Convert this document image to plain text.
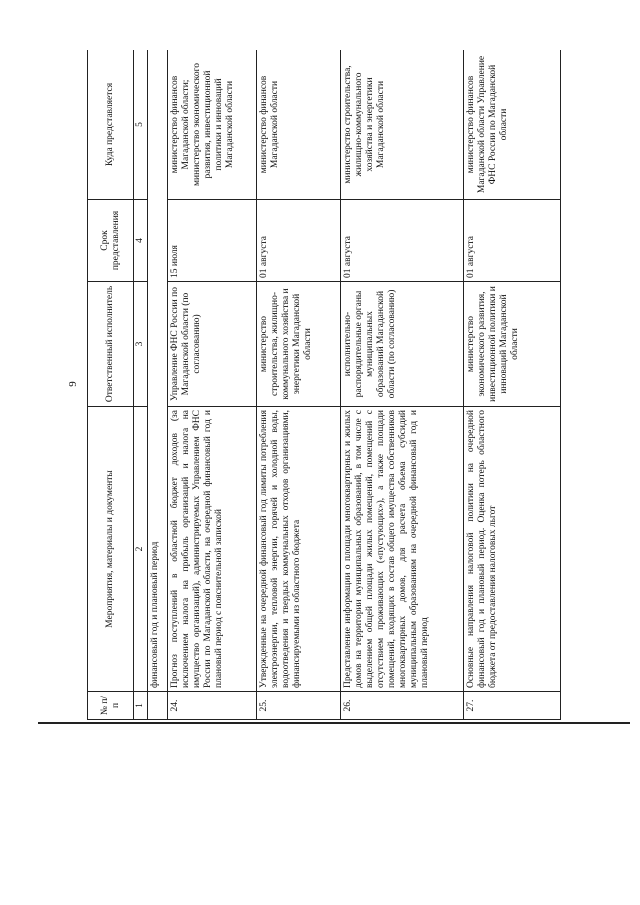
9
№ п/п	Мероприятия, материалы и документы	Ответственный исполнитель	Срок представления	Куда представляется
1	2	3	4	5
	финансовый год и плановый период			
24.	Прогноз поступлений в областной бюджет доходов (за исключением налога на прибыль организаций и налога на имущество организаций), администрируемых Управлением ФНС России по Магаданской области, на очередной финансовый год и плановый период с пояснительной запиской	Управление ФНС России по Магаданской области (по согласованию)	15 июля	министерство финансов Магаданской области; министерство экономического развития, инвестиционной политики и инноваций Магаданской области
25.	Утвержденные на очередной финансовый год лимиты потребления электроэнергии, тепловой энергии, горячей и холодной воды, водоотведения и твердых коммунальных отходов организациями, финансируемыми из областного бюджета	министерство строительства, жилищно-коммунального хозяйства и энергетики Магаданской области	01 августа	министерство финансов Магаданской области
26.	Представление информации о площади многоквартирных и жилых домов на территории муниципальных образований, в том числе с выделением общей площади жилых помещений, помещений с отсутствием проживающих («пустующих»), а также площади помещений, входящих в состав общего имущества собственников многоквартирных домов, для расчета объема субсидий муниципальным образованиям на очередной финансовый год и плановый период	исполнительно-распорядительные органы муниципальных образований Магаданской области (по согласованию)	01 августа	министерство строительства, жилищно-коммунального хозяйства и энергетики Магаданской области
27.	Основные направления налоговой политики на очередной финансовый год и плановый период. Оценка потерь областного бюджета от предоставления налоговых льгот	министерство экономического развития, инвестиционной политики и инноваций Магаданской области	01 августа	министерство финансов Магаданской области Управление ФНС России по Магаданской области
